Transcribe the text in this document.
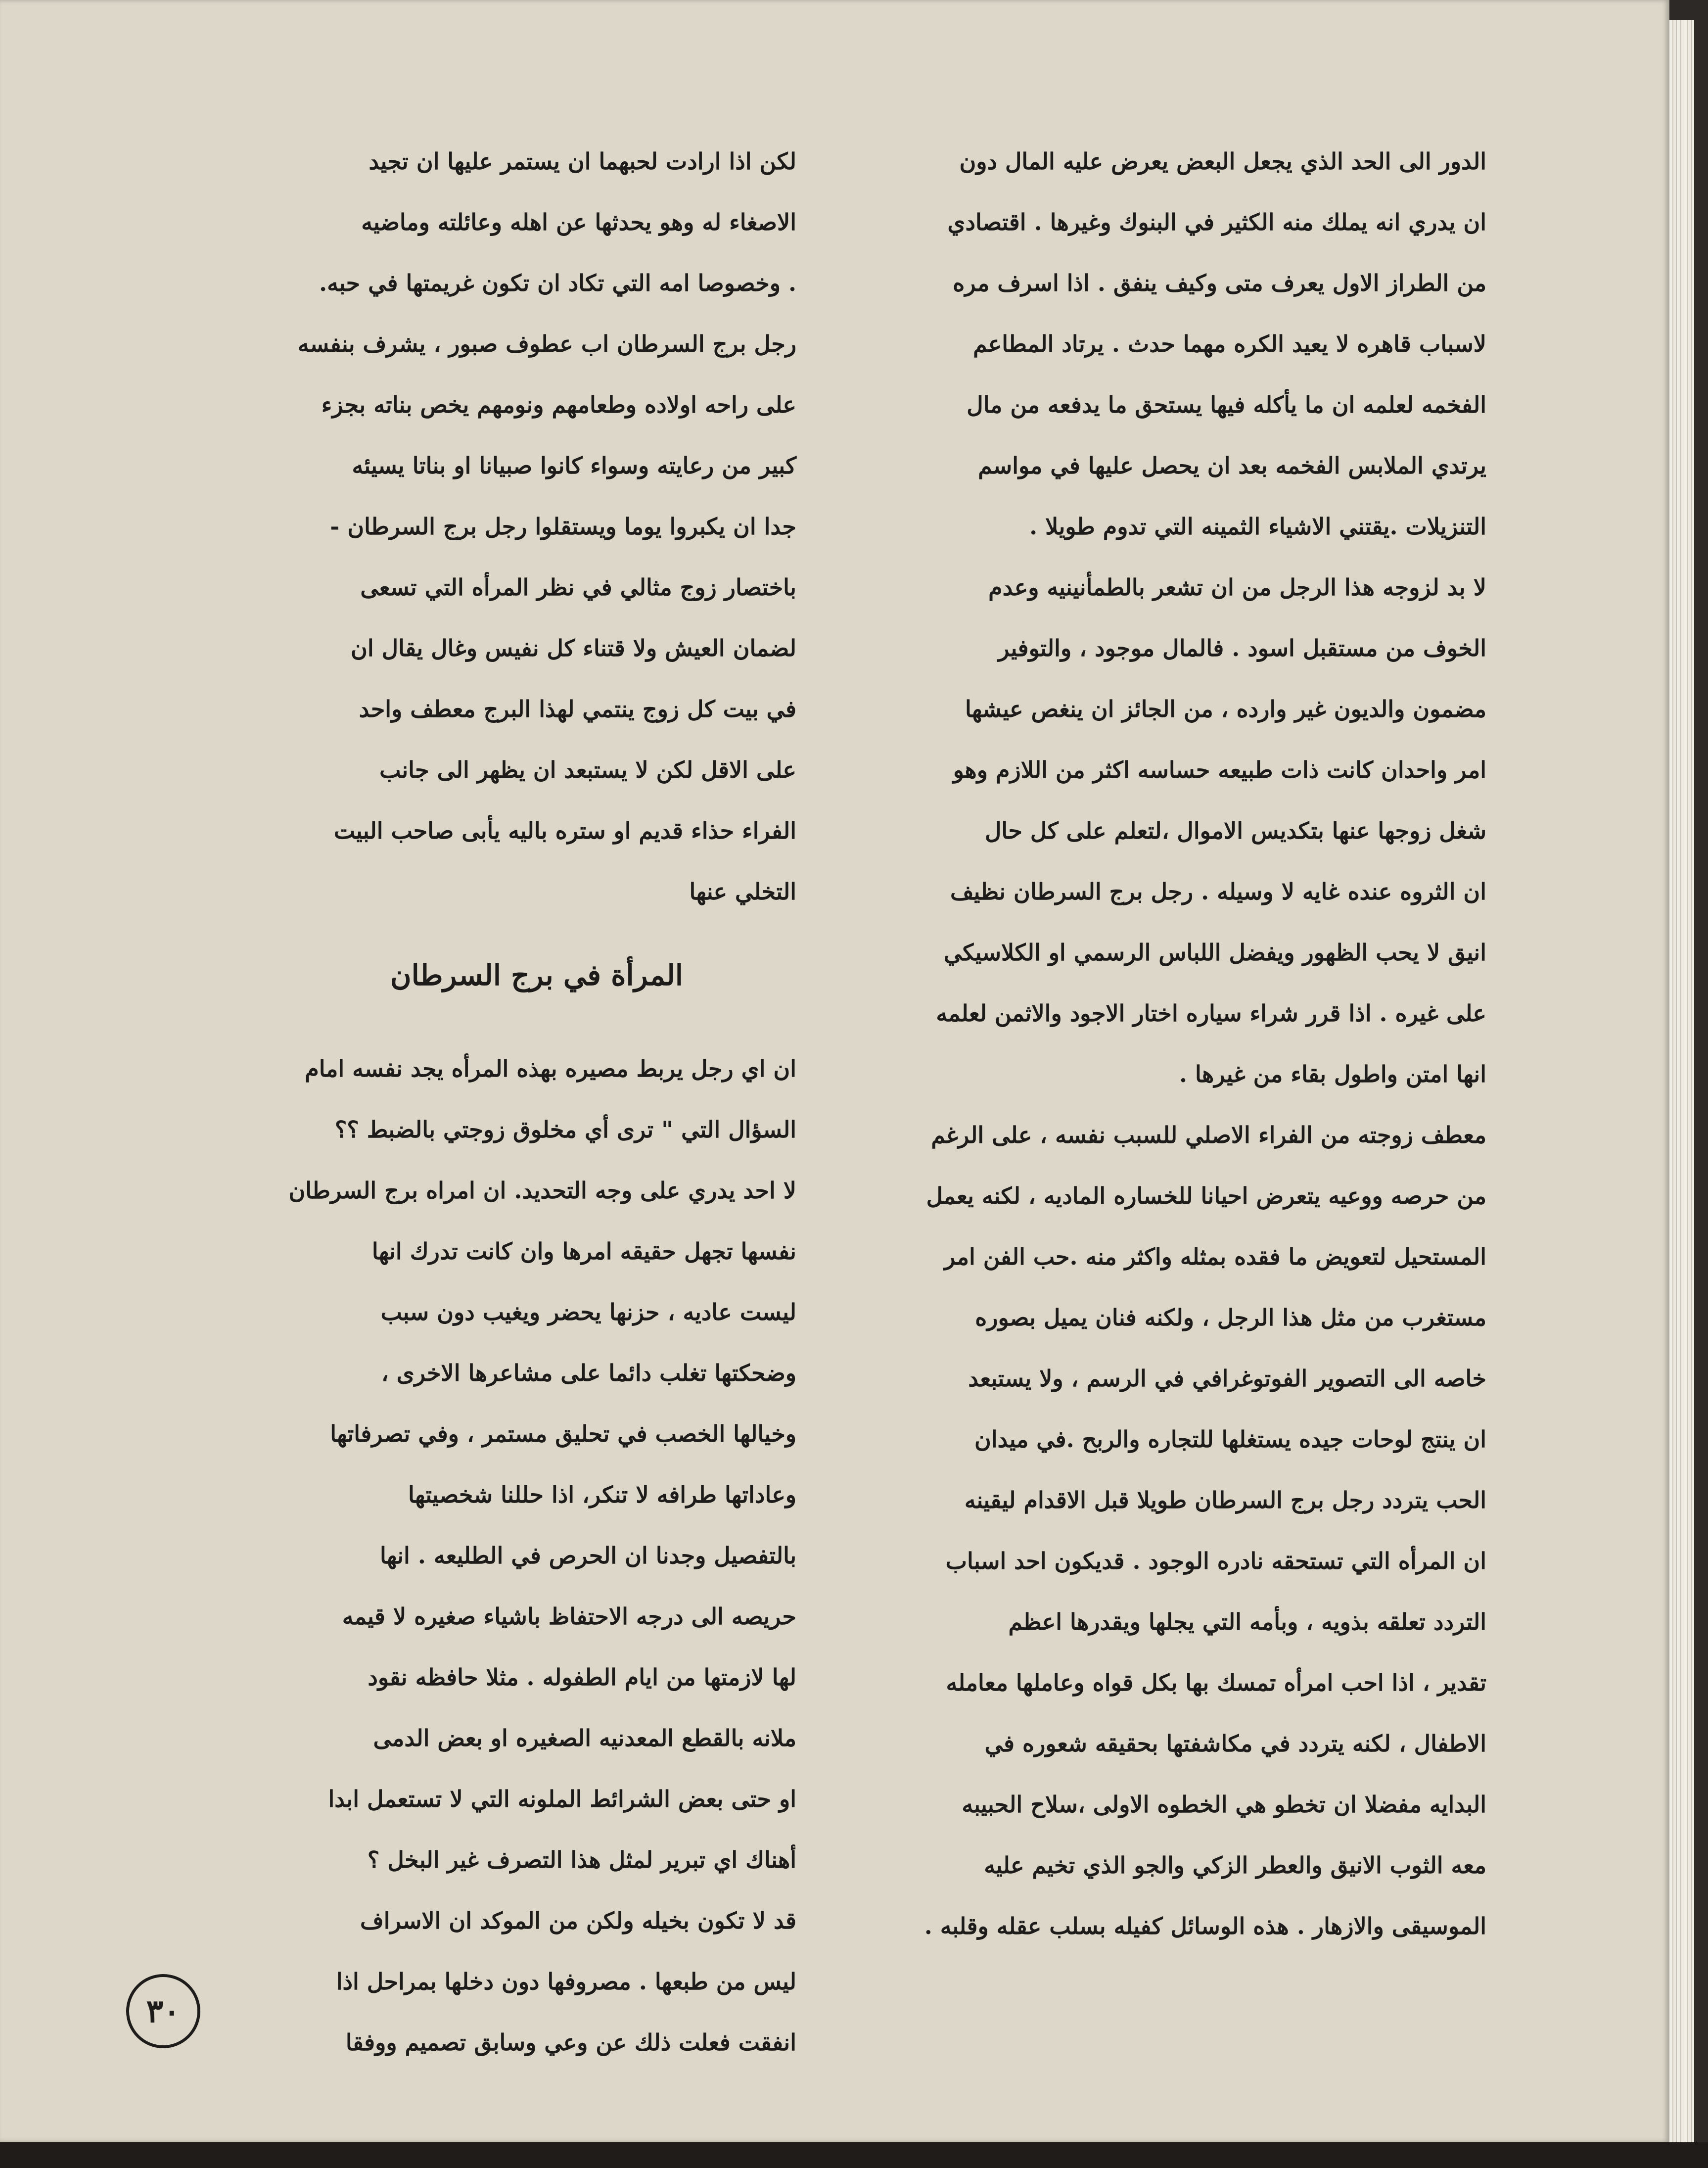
الدور الى الحد الذي يجعل البعض يعرض عليه المال دون
ان يدري انه يملك منه الكثير في البنوك وغيرها . اقتصادي
من الطراز الاول يعرف متى وكيف ينفق . اذا اسرف مره
لاسباب قاهره لا يعيد الكره مهما حدث . يرتاد المطاعم
الفخمه لعلمه ان ما يأكله فيها يستحق ما يدفعه من مال
يرتدي الملابس الفخمه بعد ان يحصل عليها في مواسم
التنزيلات .يقتني الاشياء الثمينه التي تدوم طويلا .
لا بد لزوجه هذا الرجل من ان تشعر بالطمأنينيه وعدم
الخوف من مستقبل اسود . فالمال موجود ، والتوفير
مضمون والديون غير وارده ، من الجائز ان ينغص عيشها
امر واحدان كانت ذات طبيعه حساسه اكثر من اللازم وهو
شغل زوجها عنها بتكديس الاموال ،لتعلم على كل حال
ان الثروه عنده غايه لا وسيله . رجل برج السرطان نظيف
انيق لا يحب الظهور ويفضل اللباس الرسمي او الكلاسيكي
على غيره . اذا قرر شراء سياره اختار الاجود والاثمن لعلمه
انها امتن واطول بقاء من غيرها .
معطف زوجته من الفراء الاصلي للسبب نفسه ، على الرغم
من حرصه ووعيه يتعرض احيانا للخساره الماديه ، لكنه يعمل
المستحيل لتعويض ما فقده بمثله واكثر منه .حب الفن امر
مستغرب من مثل هذا الرجل ، ولكنه فنان يميل بصوره
خاصه الى التصوير الفوتوغرافي في الرسم ، ولا يستبعد
ان ينتج لوحات جيده يستغلها للتجاره والربح .في ميدان
الحب يتردد رجل برج السرطان طويلا قبل الاقدام ليقينه
ان المرأه التي تستحقه نادره الوجود . قديكون احد اسباب
التردد تعلقه بذويه ، وبأمه التي يجلها ويقدرها اعظم
تقدير ، اذا احب امرأه تمسك بها بكل قواه وعاملها معامله
الاطفال ، لكنه يتردد في مكاشفتها بحقيقه شعوره في
البدايه مفضلا ان تخطو هي الخطوه الاولى ،سلاح الحبيبه
معه الثوب الانيق والعطر الزكي والجو الذي تخيم عليه
الموسيقى والازهار . هذه الوسائل كفيله بسلب عقله وقلبه .
لكن اذا ارادت لحبهما ان يستمر عليها ان تجيد
الاصغاء له وهو يحدثها عن اهله وعائلته وماضيه
. وخصوصا امه التي تكاد ان تكون غريمتها في حبه.
رجل برج السرطان اب عطوف صبور ، يشرف بنفسه
على راحه اولاده وطعامهم ونومهم يخص بناته بجزء
كبير من رعايته وسواء كانوا صبيانا او بناتا يسيئه
جدا ان يكبروا يوما ويستقلوا رجل برج السرطان -
باختصار زوج مثالي في نظر المرأه التي تسعى
لضمان العيش ولا قتناء كل نفيس وغال يقال ان
في بيت كل زوج ينتمي لهذا البرج معطف واحد
على الاقل لكن لا يستبعد ان يظهر الى جانب
الفراء حذاء قديم او ستره باليه يأبى صاحب البيت
التخلي عنها
المرأة في برج السرطان
ان اي رجل يربط مصيره بهذه المرأه يجد نفسه امام
السؤال التي " ترى أي مخلوق زوجتي بالضبط ؟؟
لا احد يدري على وجه التحديد. ان امراه برج السرطان
نفسها تجهل حقيقه امرها وان كانت تدرك انها
ليست عاديه ، حزنها يحضر ويغيب دون سبب
وضحكتها تغلب دائما على مشاعرها الاخرى ،
وخيالها الخصب في تحليق مستمر ، وفي تصرفاتها
وعاداتها طرافه لا تنكر، اذا حللنا شخصيتها
بالتفصيل وجدنا ان الحرص في الطليعه . انها
حريصه الى درجه الاحتفاظ باشياء صغيره لا قيمه
لها لازمتها من ايام الطفوله . مثلا حافظه نقود
ملانه بالقطع المعدنيه الصغيره او بعض الدمى
او حتى بعض الشرائط الملونه التي لا تستعمل ابدا
أهناك اي تبرير لمثل هذا التصرف غير البخل ؟
قد لا تكون بخيله ولكن من الموكد ان الاسراف
ليس من طبعها . مصروفها دون دخلها بمراحل اذا
انفقت فعلت ذلك عن وعي وسابق تصميم ووفقا
٣٠
